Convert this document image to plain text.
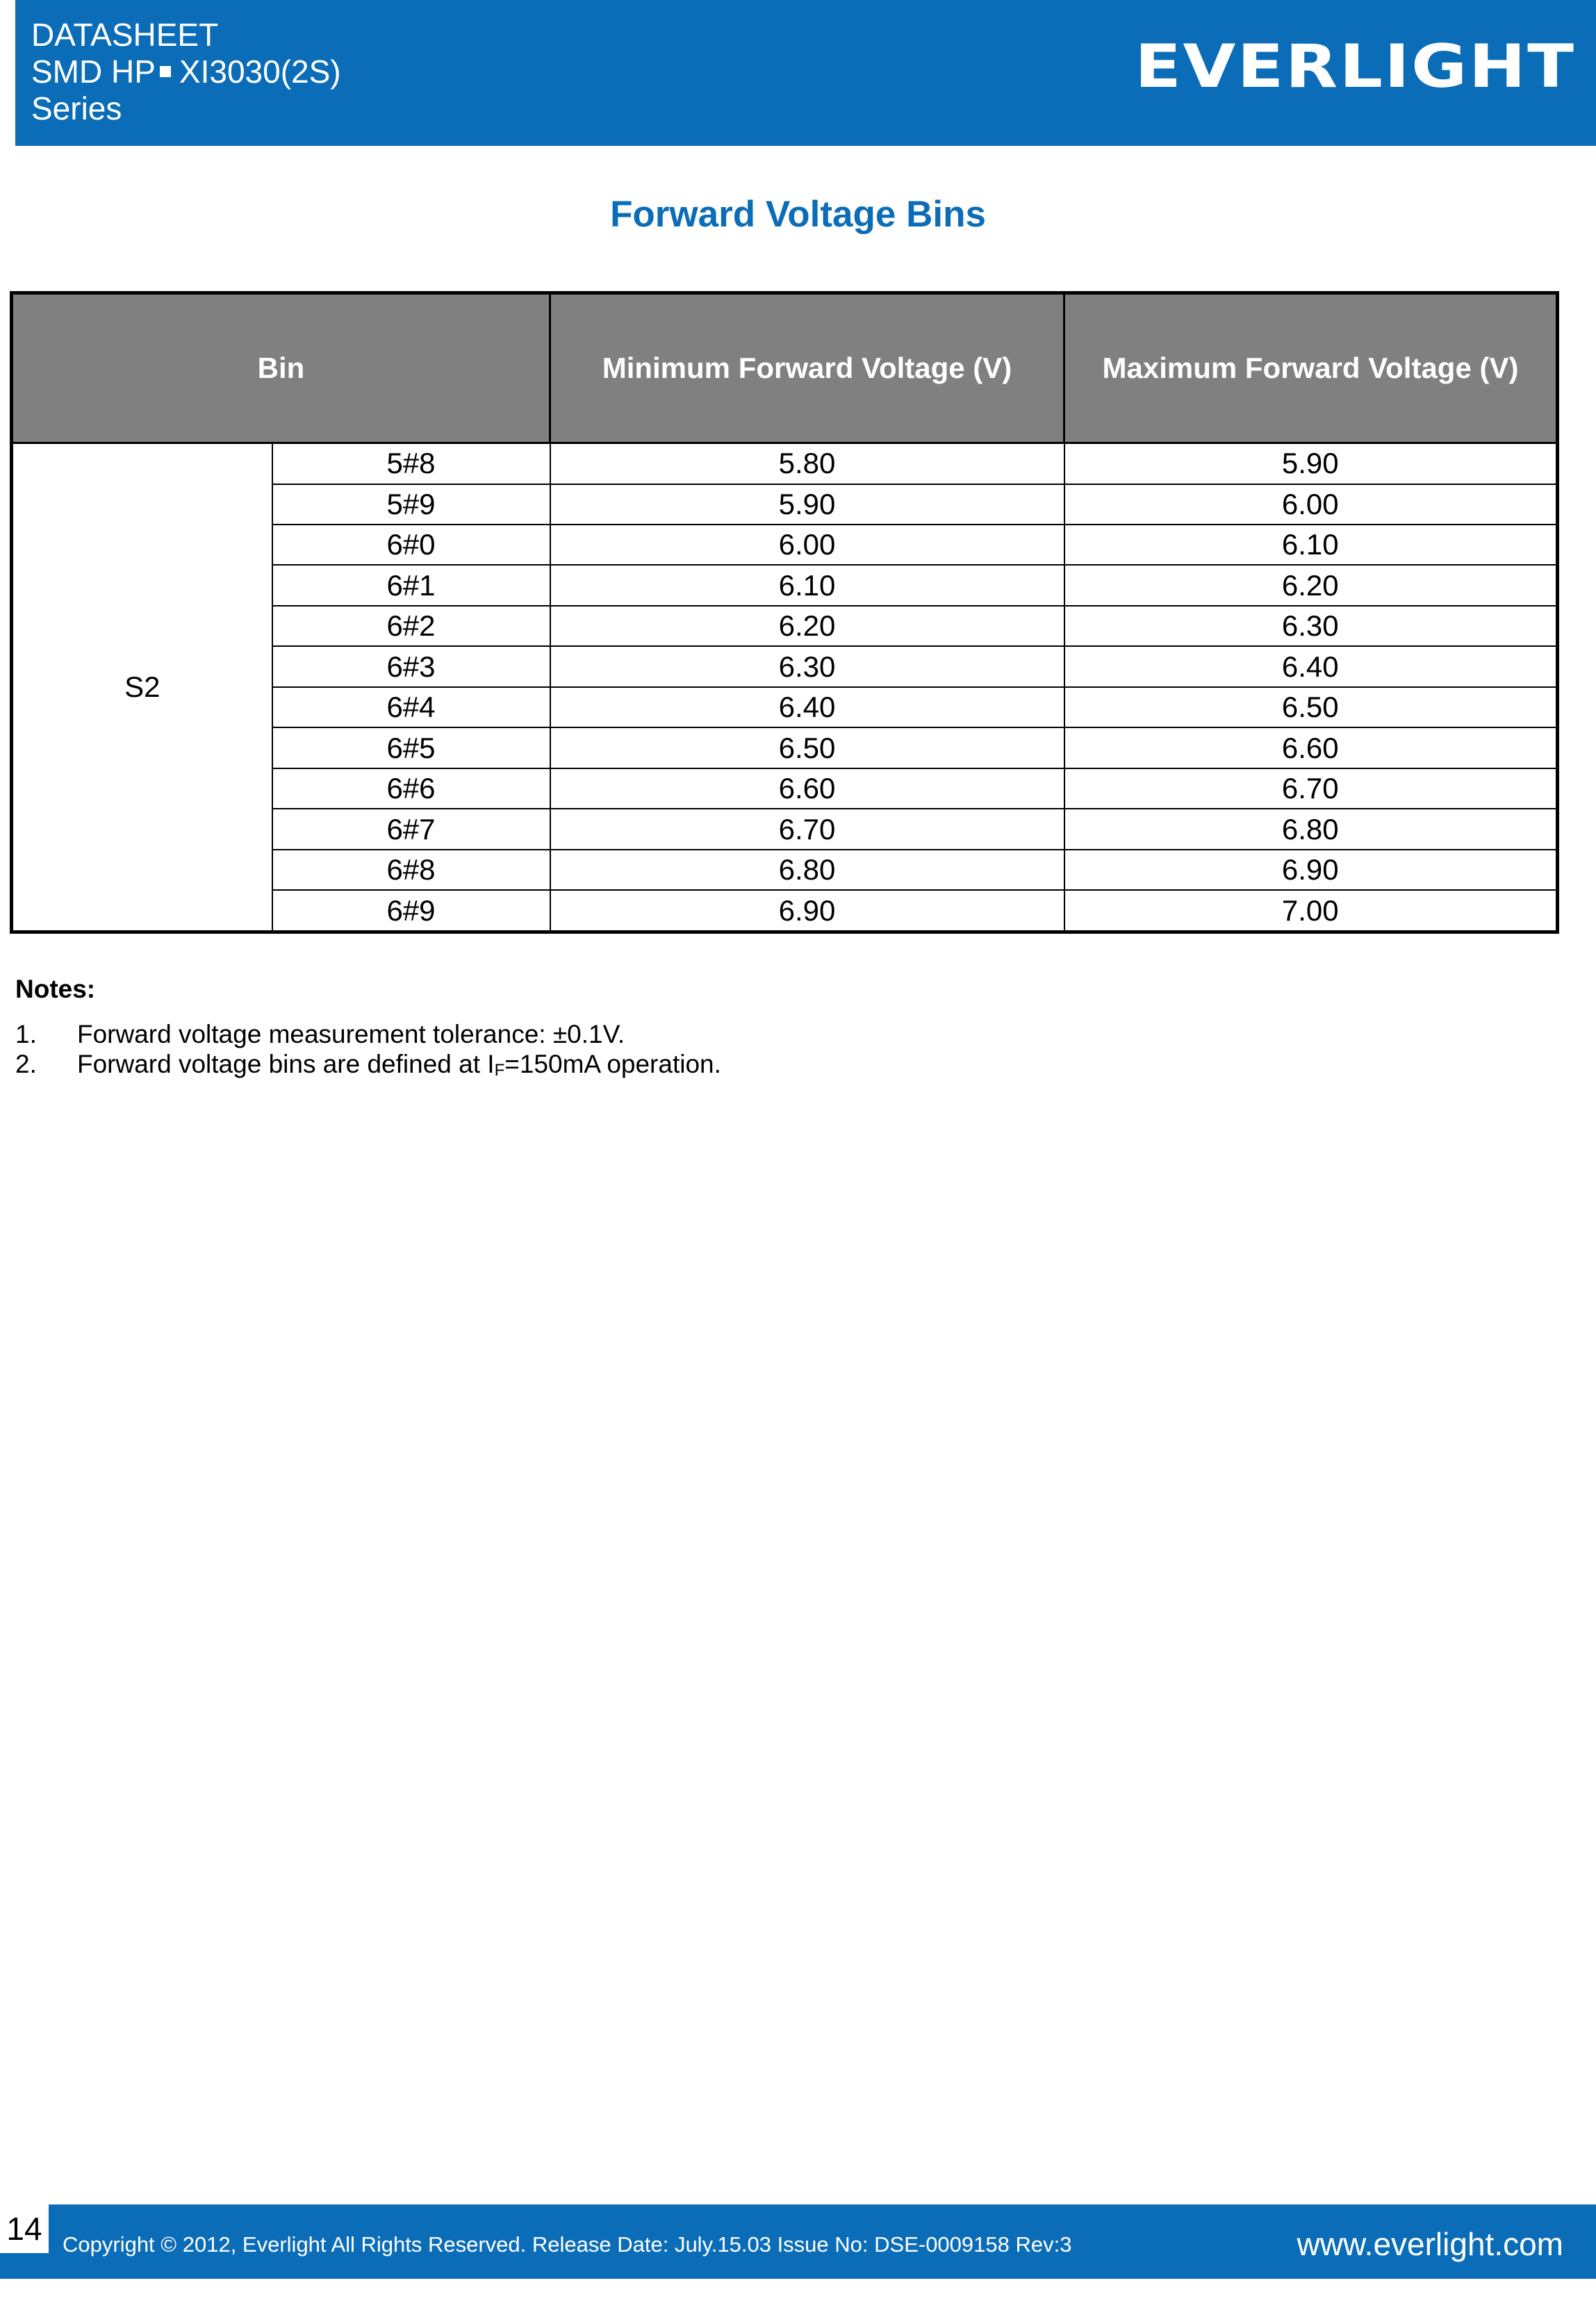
DATASHEET
SMD HP XI3030(2S)
Series
EVERLIGHT
Forward Voltage Bins
Bin		Minimum Forward Voltage (V)	Maximum Forward Voltage (V)
S2	5#8	5.80	5.90
	5#9	5.90	6.00
	6#0	6.00	6.10
	6#1	6.10	6.20
	6#2	6.20	6.30
	6#3	6.30	6.40
	6#4	6.40	6.50
	6#5	6.50	6.60
	6#6	6.60	6.70
	6#7	6.70	6.80
	6#8	6.80	6.90
	6#9	6.90	7.00
Notes:
1. Forward voltage measurement tolerance: ±0.1V.
2. Forward voltage bins are defined at $I_F=150mA$ operation.
14 Copyright © 2012, Everlight All Rights Reserved. Release Date: July.15.03 Issue No: DSE-0009158 Rev:3	www.everlight.com
